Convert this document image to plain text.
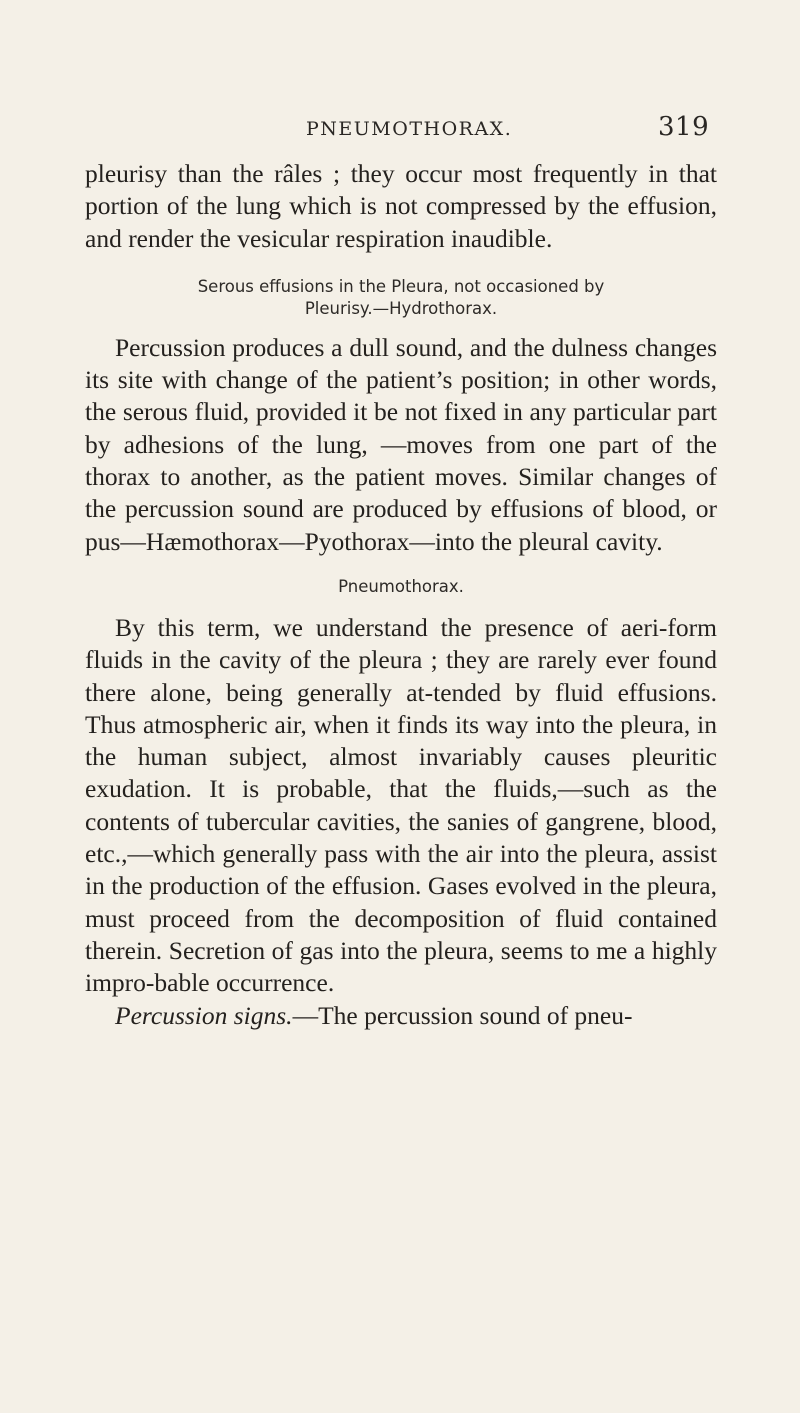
PNEUMOTHORAX.	319

pleurisy than the râles ; they occur most frequently in that portion of the lung which is not compressed by the effusion, and render the vesicular respiration inaudible.

Serous effusions in the Pleura, not occasioned by
Pleurisy.—Hydrothorax.

Percussion produces a dull sound, and the dulness changes its site with change of the patient’s position; in other words, the serous fluid, provided it be not fixed in any particular part by adhesions of the lung, —moves from one part of the thorax to another, as the patient moves. Similar changes of the percussion sound are produced by effusions of blood, or pus—Hæmothorax—Pyothorax—into the pleural cavity.

Pneumothorax.

By this term, we understand the presence of aeri-form fluids in the cavity of the pleura ; they are rarely ever found there alone, being generally at-tended by fluid effusions. Thus atmospheric air, when it finds its way into the pleura, in the human subject, almost invariably causes pleuritic exudation. It is probable, that the fluids,—such as the contents of tubercular cavities, the sanies of gangrene, blood, etc.,—which generally pass with the air into the pleura, assist in the production of the effusion. Gases evolved in the pleura, must proceed from the decomposition of fluid contained therein. Secretion of gas into the pleura, seems to me a highly impro-bable occurrence.

Percussion signs.—The percussion sound of pneu-
